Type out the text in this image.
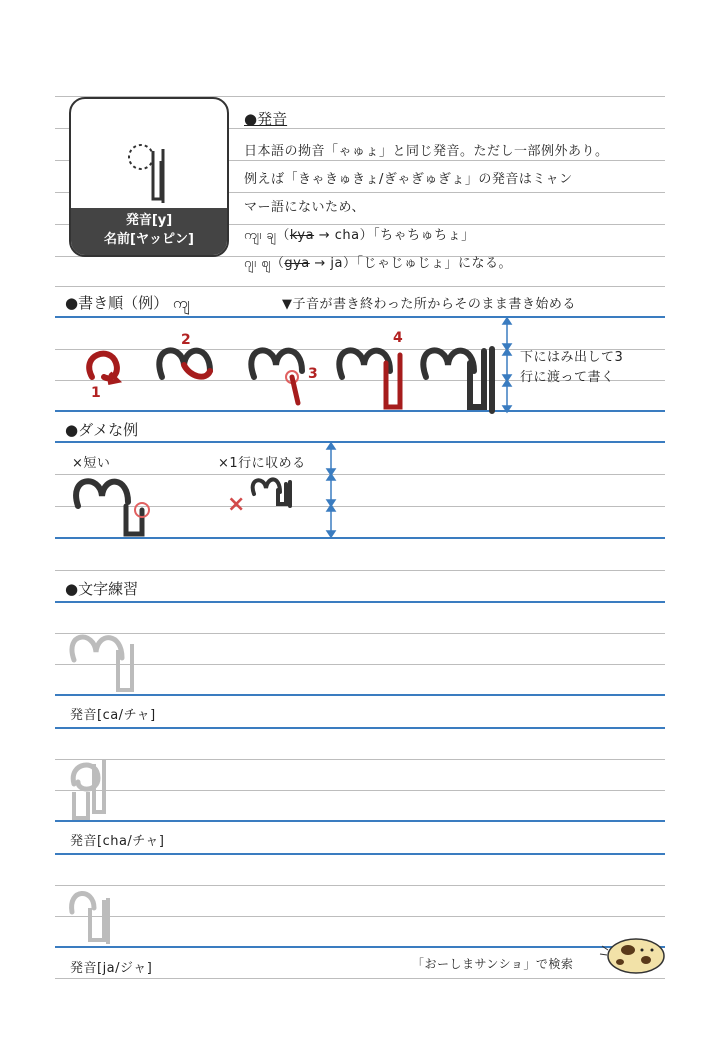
発音[y]
名前[ヤッピン]
●発音
日本語の拗音「ゃゅょ」と同じ発音。ただし一部例外あり。
例えば「きゃきゅきょ/ぎゃぎゅぎょ」の発音はミャン
マー語にないため、
ကျ၊ ချ（kya → cha）「ちゃちゅちょ」
ဂျ၊ ဈ（gya → ja）「じゃじゅじょ」になる。
●書き順（例） ကျ	▼子音が書き終わった所からそのまま書き始める
1
2
3
4
下にはみ出して3
行に渡って書く
●ダメな例
×短い	×1行に収める
×
●文字練習
発音[ca/チャ]
発音[cha/チャ]
発音[ja/ジャ]	「おーしまサンショ」で検索
